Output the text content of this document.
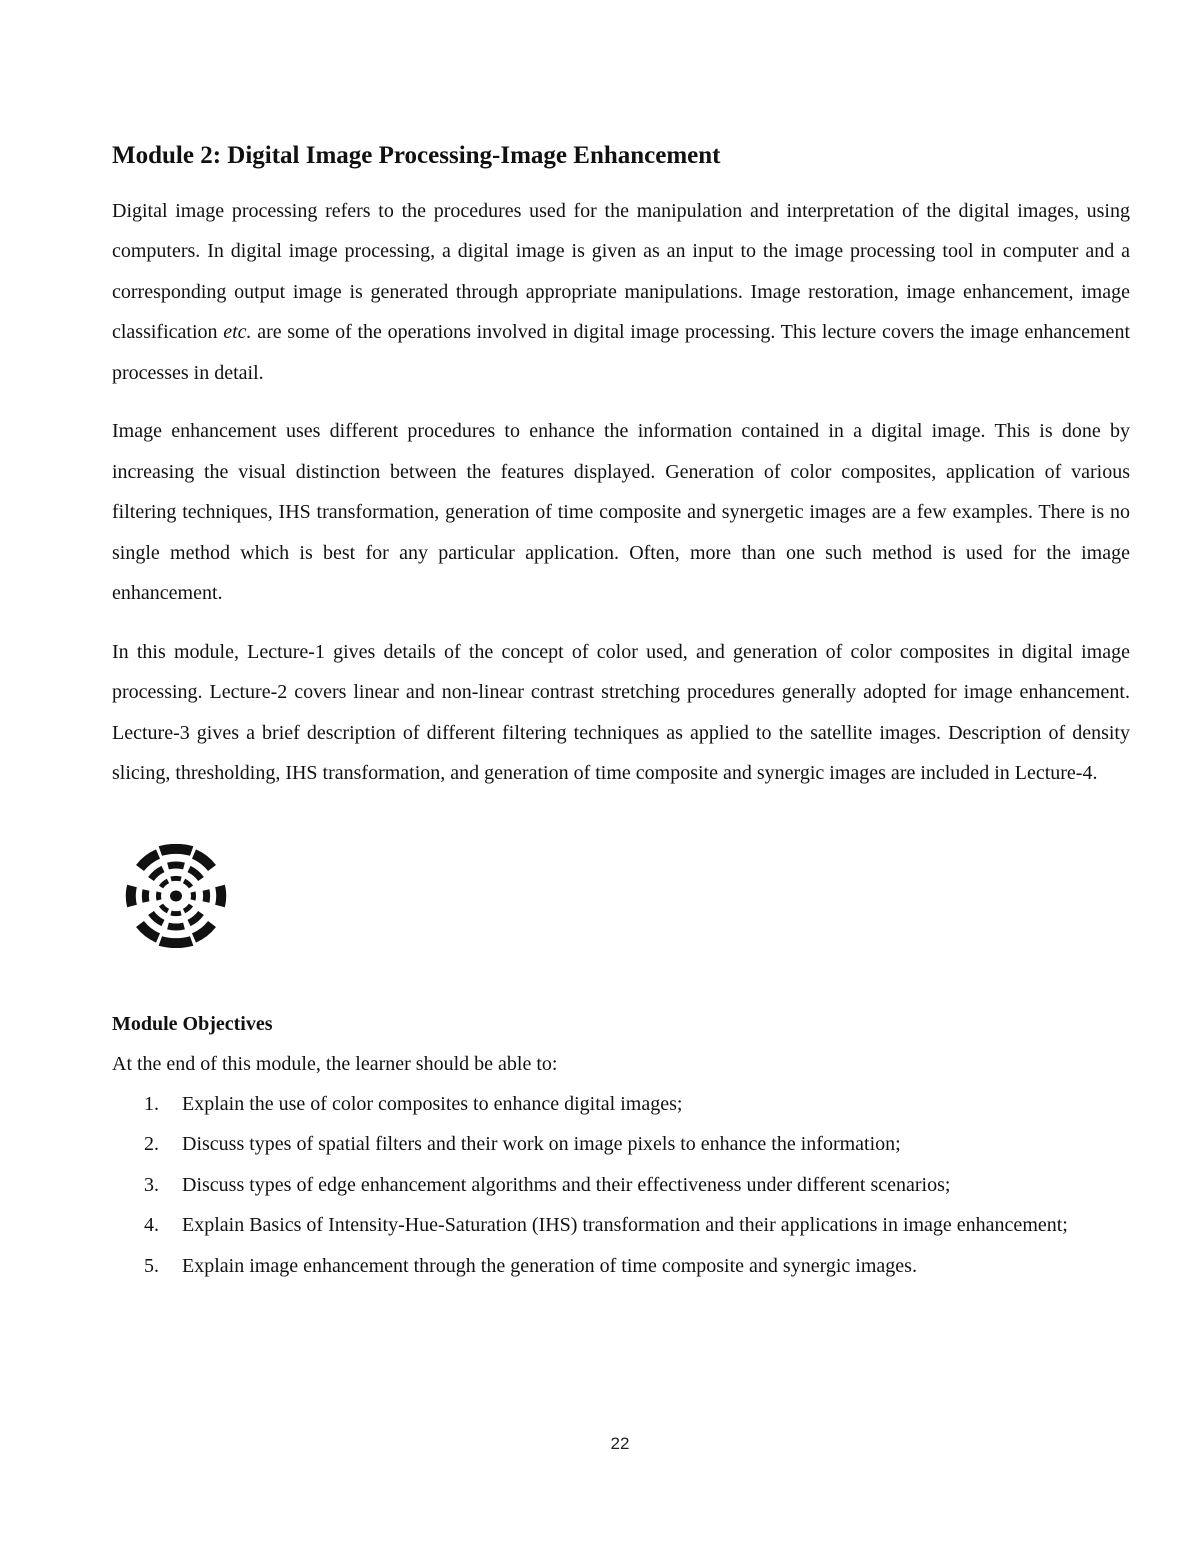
Module 2: Digital Image Processing-Image Enhancement

Digital image processing refers to the procedures used for the manipulation and interpretation of the digital images, using computers. In digital image processing, a digital image is given as an input to the image processing tool in computer and a corresponding output image is generated through appropriate manipulations. Image restoration, image enhancement, image classification etc. are some of the operations involved in digital image processing. This lecture covers the image enhancement processes in detail.

Image enhancement uses different procedures to enhance the information contained in a digital image. This is done by increasing the visual distinction between the features displayed. Generation of color composites, application of various filtering techniques, IHS transformation, generation of time composite and synergetic images are a few examples. There is no single method which is best for any particular application. Often, more than one such method is used for the image enhancement.

In this module, Lecture-1 gives details of the concept of color used, and generation of color composites in digital image processing. Lecture-2 covers linear and non-linear contrast stretching procedures generally adopted for image enhancement. Lecture-3 gives a brief description of different filtering techniques as applied to the satellite images. Description of density slicing, thresholding, IHS transformation, and generation of time composite and synergic images are included in Lecture-4.

Module Objectives
At the end of this module, the learner should be able to:
1. Explain the use of color composites to enhance digital images;
2. Discuss types of spatial filters and their work on image pixels to enhance the information;
3. Discuss types of edge enhancement algorithms and their effectiveness under different scenarios;
4. Explain Basics of Intensity-Hue-Saturation (IHS) transformation and their applications in image enhancement;
5. Explain image enhancement through the generation of time composite and synergic images.
22
